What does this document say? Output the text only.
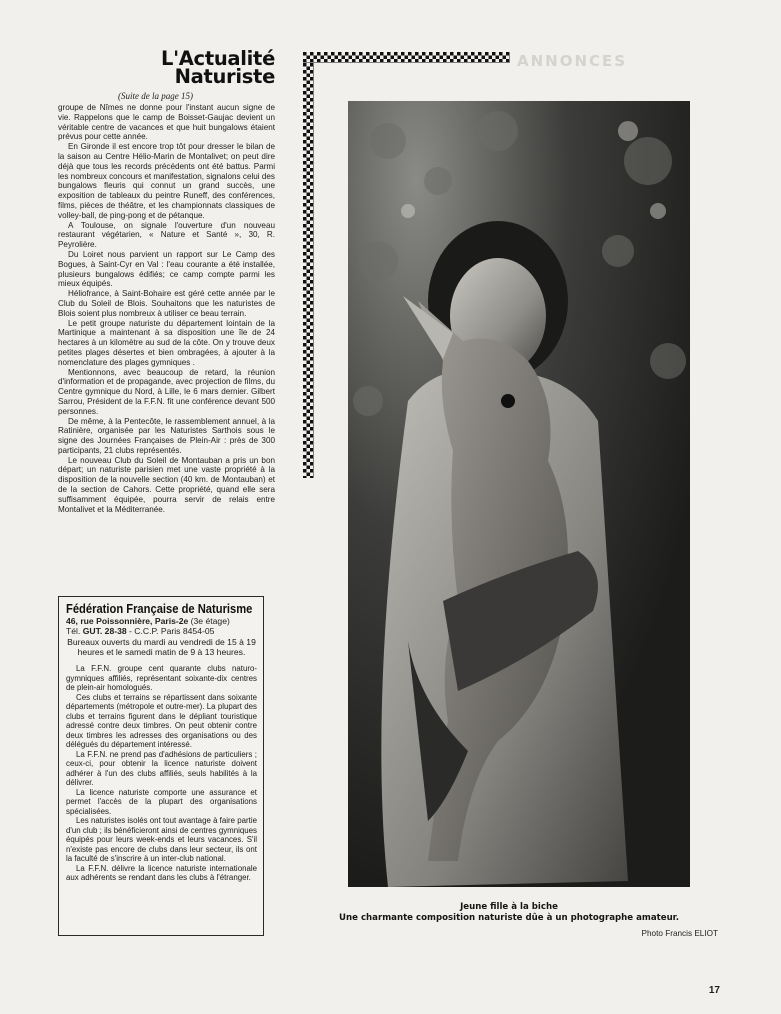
L'Actualité
Naturiste
(Suite de la page 15)

groupe de Nîmes ne donne pour l'instant aucun signe de vie. Rappelons que le camp de Boisset-Gaujac devient un véritable centre de vacances et que huit bungalows étaient prévus pour cette année.

En Gironde il est encore trop tôt pour dresser le bilan de la saison au Centre Hélio-Marin de Montalivet; on peut dire déjà que tous les records précédents ont été battus. Parmi les nombreux concours et manifestation, signalons celui des bungalows fleuris qui connut un grand succès, une exposition de tableaux du peintre Runeff, des conférences, films, pièces de théâtre, et les championnats classiques de volley-ball, de ping-pong et de pétanque.

A Toulouse, on signale l'ouverture d'un nouveau restaurant végétarien, « Nature et Santé », 30, R. Peyrolière.

Du Loiret nous parvient un rapport sur Le Camp des Bogues, à Saint-Cyr en Val : l'eau courante a été installée, plusieurs bungalows édifiés; ce camp compte parmi les mieux équipés.

Héliofrance, à Saint-Bohaire est géré cette année par le Club du Soleil de Blois. Souhaitons que les naturistes de Blois soient plus nombreux à utiliser ce beau terrain.

Le petit groupe naturiste du département lointain de la Martinique a maintenant à sa disposition une île de 24 hectares à un kilomètre au sud de la côte. On y trouve deux petites plages désertes et bien ombragées, à ajouter à la nomenclature des plages gymniques .

Mentionnons, avec beaucoup de retard, la réunion d'information et de propagande, avec projection de films, du Centre gymnique du Nord, à Lille, le 6 mars dernier. Gilbert Sarrou, Président de la F.F.N. fit une conférence devant 500 personnes.

De même, à la Pentecôte, le rassemblement annuel, à la Ratinière, organisée par les Naturistes Sarthois sous le signe des Journées Françaises de Plein-Air : près de 300 participants, 21 clubs représentés.

Le nouveau Club du Soleil de Montauban a pris un bon départ; un naturiste parisien met une vaste propriété à la disposition de la nouvelle section (40 km. de Montauban) et de la section de Cahors. Cette propriété, quand elle sera suffisamment équipée, pourra servir de relais entre Montalivet et la Méditerranée.

Fédération Française de Naturisme
46, rue Poissonnière, Paris-2e (3e étage)
Tél. GUT. 28-38 - C.C.P. Paris 8454-05
Bureaux ouverts du mardi au vendredi de 15 à 19 heures et le samedi matin de 9 à 13 heures.

La F.F.N. groupe cent quarante clubs naturo-gymniques affiliés, représentant soixante-dix centres de plein-air homologués.

Ces clubs et terrains se répartissent dans soixante départements (métropole et outre-mer). La plupart des clubs et terrains figurent dans le dépliant touristique adressé contre deux timbres. On peut obtenir contre deux timbres les adresses des organisations ou des délégués du département intéressé.

La F.F.N. ne prend pas d'adhésions de particuliers ; ceux-ci, pour obtenir la licence naturiste doivent adhérer à l'un des clubs affiliés, seuls habilités à la délivrer.

La licence naturiste comporte une assurance et permet l'accès de la plupart des organisations spécialisées.

Les naturistes isolés ont tout avantage à faire partie d'un club ; ils bénéficieront ainsi de centres gymniques équipés pour leurs week-ends et leurs vacances. S'il n'existe pas encore de clubs dans leur secteur, ils ont la faculté de s'inscrire à un inter-club national.

La F.F.N. délivre la licence naturiste internationale aux adhérents se rendant dans les clubs à l'étranger.

ANNONCES
Jeune fille à la biche
Une charmante composition naturiste dûe à un photographe amateur.
Photo Francis ELIOT
17
